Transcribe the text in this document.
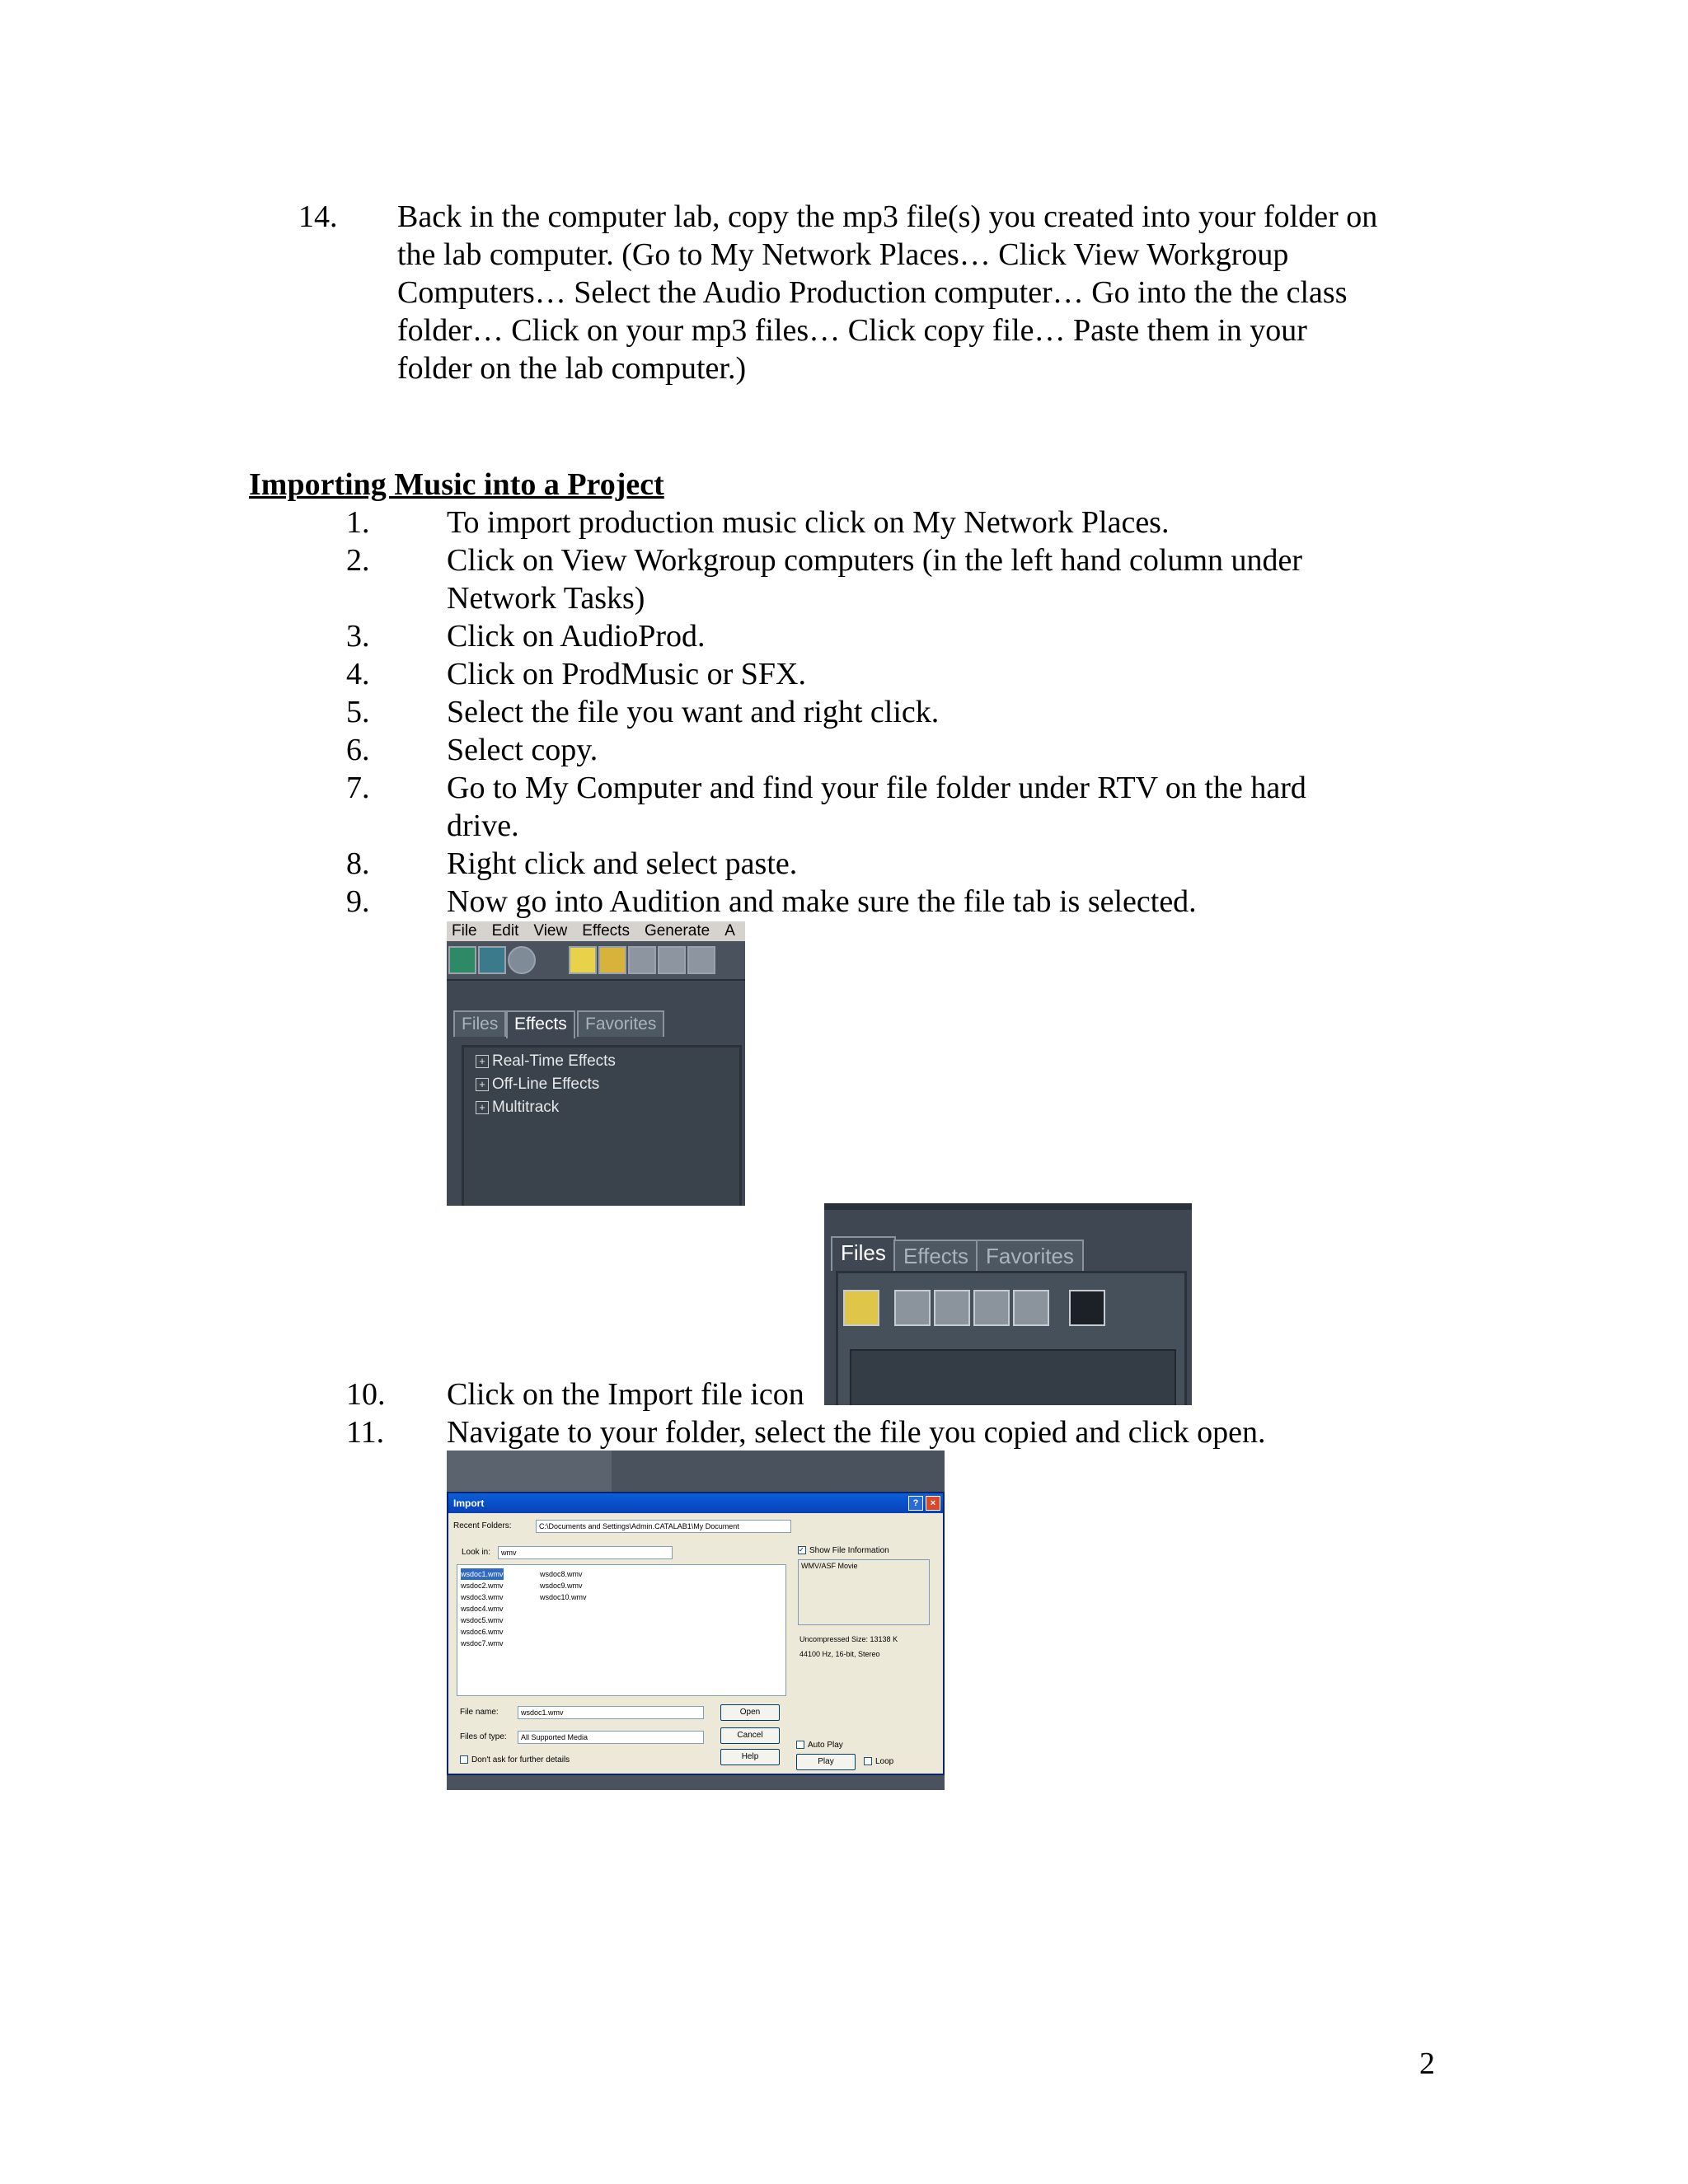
14. Back in the computer lab, copy the mp3 file(s) you created into your folder on
the lab computer. (Go to My Network Places… Click View Workgroup
Computers… Select the Audio Production computer… Go into the the class
folder… Click on your mp3 files… Click copy file… Paste them in your
folder on the lab computer.)
Importing Music into a Project
1. To import production music click on My Network Places.
2. Click on View Workgroup computers (in the left hand column under
Network Tasks)
3. Click on AudioProd.
4. Click on ProdMusic or SFX.
5. Select the file you want and right click.
6. Select copy.
7. Go to My Computer and find your file folder under RTV on the hard
drive.
8. Right click and select paste.
9. Now go into Audition and make sure the file tab is selected.
File Edit View Effects Generate A
Files Effects	Favorites
+ Real-Time Effects
+ Off-Line Effects
+ Multitrack
Files Effects Favorites
10. Click on the Import file icon
11. Navigate to your folder, select the file you copied and click open.
Import	?	×
Recent Folders:	C:\Documents and Settings\Admin.CATALAB1\My Document
Look in:	wmv
wsdoc1.wmv
wsdoc2.wmv
wsdoc3.wmv
wsdoc4.wmv
wsdoc5.wmv
wsdoc6.wmv
wsdoc7.wmv
wsdoc8.wmv
wsdoc9.wmv
wsdoc10.wmv
✓ Show File Information
WMV/ASF Movie
Uncompressed Size: 13138 K
44100 Hz, 16-bit, Stereo
File name:	wsdoc1.wmv	Open
Files of type:	All Supported Media	Cancel
Help
Don't ask for further details
Auto Play
Play	Loop
2
